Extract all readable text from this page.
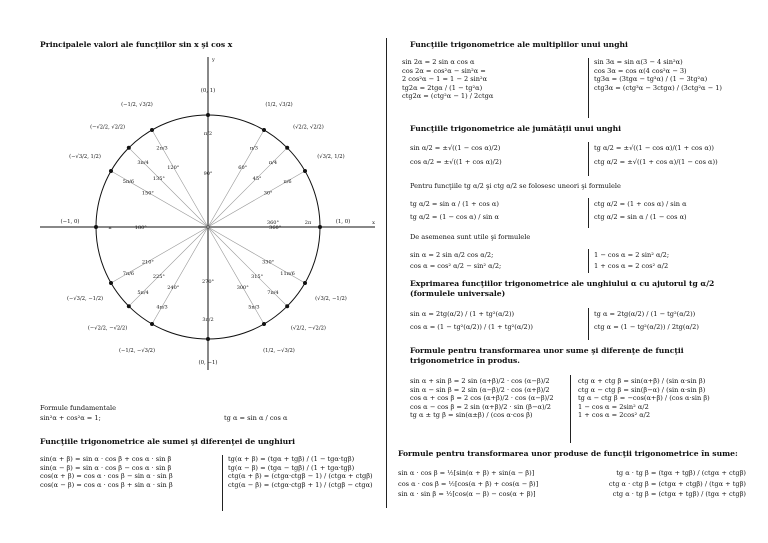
Principalele valori ale funcţiilor sin x şi cos x
x
y
(0, 1)
(0, −1)
(−1, 0)	(1, 0)
30°
π/6
(√3/2, 1/2)
45°
π/4
(√2/2, √2/2)
60°
π/3
(1/2, √3/2)
90°
π/2
120°
2π/3
(−1/2, √3/2)
135°
3π/4
(−√2/2, √2/2)
150°
5π/6
(−√3/2, 1/2)
180°
π
210°
7π/6
(−√3/2, −1/2)
225°
5π/4
(−√2/2, −√2/2)
240°
4π/3
(−1/2, −√3/2)
270°
3π/2
300°
5π/3
(1/2, −√3/2)
315°
7π/4
(√2/2, −√2/2)
330°
11π/6
(√3/2, −1/2)
360°
2π
360°
Formule fundamentale
sin²α + cos²α = 1;	tg α = sin α / cos α
Funcţiile trigonometrice ale sumei şi diferenţei de unghiuri
sin(α + β) = sin α · cos β + cos α · sin β
sin(α − β) = sin α · cos β − cos α · sin β
cos(α + β) = cos α · cos β − sin α · sin β
cos(α − β) = cos α · cos β + sin α · sin β
tg(α + β) = (tgα + tgβ) / (1 − tgα·tgβ)
tg(α − β) = (tgα − tgβ) / (1 + tgα·tgβ)
ctg(α + β) = (ctgα·ctgβ − 1) / (ctgα + ctgβ)
ctg(α − β) = (ctgα·ctgβ + 1) / (ctgβ − ctgα)
Funcţiile trigonometrice ale multiplilor unui unghi
sin 2α = 2 sin α cos α
cos 2α = cos²α − sin²α =
2 cos²α − 1 = 1 − 2 sin²α
tg2α = 2tgα / (1 − tg²α)
ctg2α = (ctg²α − 1) / 2ctgα
sin 3α = sin α(3 − 4 sin²α)
cos 3α = cos α(4 cos²α − 3)
tg3α = (3tgα − tg³α) / (1 − 3tg²α)
ctg3α = (ctg³α − 3ctgα) / (3ctg²α − 1)
Funcţiile trigonometrice ale jumătăţii unui unghi
sin α/2 = ±√((1 − cos α)/2)
cos α/2 = ±√((1 + cos α)/2)
tg α/2 = ±√((1 − cos α)/(1 + cos α))
ctg α/2 = ±√((1 + cos α)/(1 − cos α))
Pentru funcţiile tg α/2 şi ctg α/2 se folosesc uneori şi formulele
tg α/2 = sin α / (1 + cos α)
tg α/2 = (1 − cos α) / sin α
ctg α/2 = (1 + cos α) / sin α
ctg α/2 = sin α / (1 − cos α)
De asemenea sunt utile şi formulele
sin α = 2 sin α/2 cos α/2;
cos α = cos² α/2 − sin² α/2;
1 − cos α = 2 sin² α/2;
1 + cos α = 2 cos² α/2
Exprimarea funcţiilor trigonometrice ale unghiului α cu ajutorul tg α/2 (formulele universale)
sin α = 2tg(α/2) / (1 + tg²(α/2))
cos α = (1 − tg²(α/2)) / (1 + tg²(α/2))
tg α = 2tg(α/2) / (1 − tg²(α/2))
ctg α = (1 − tg²(α/2)) / 2tg(α/2)
Formule pentru transformarea unor sume şi diferenţe de funcţii trigonometrice în produs.
sin α + sin β = 2 sin (α+β)/2 · cos (α−β)/2
sin α − sin β = 2 sin (α−β)/2 · cos (α+β)/2
cos α + cos β = 2 cos (α+β)/2 · cos (α−β)/2
cos α − cos β = 2 sin (α+β)/2 · sin (β−α)/2
tg α ± tg β = sin(α±β) / (cos α·cos β)
ctg α + ctg β = sin(α+β) / (sin α·sin β)
ctg α − ctg β = sin(β−α) / (sin α·sin β)
tg α − ctg β = −cos(α+β) / (cos α·sin β)
1 − cos α = 2sin² α/2
1 + cos α = 2cos² α/2
Formule pentru transformarea unor produse de funcţii trigonometrice în sume:
sin α · cos β = ½[sin(α + β) + sin(α − β)]
cos α · cos β = ½[cos(α + β) + cos(α − β)]
sin α · sin β = ½[cos(α − β) − cos(α + β)]
tg α · tg β = (tgα + tgβ) / (ctgα + ctgβ)
ctg α · ctg β = (ctgα + ctgβ) / (tgα + tgβ)
ctg α · tg β = (ctgα + tgβ) / (tgα + ctgβ)
